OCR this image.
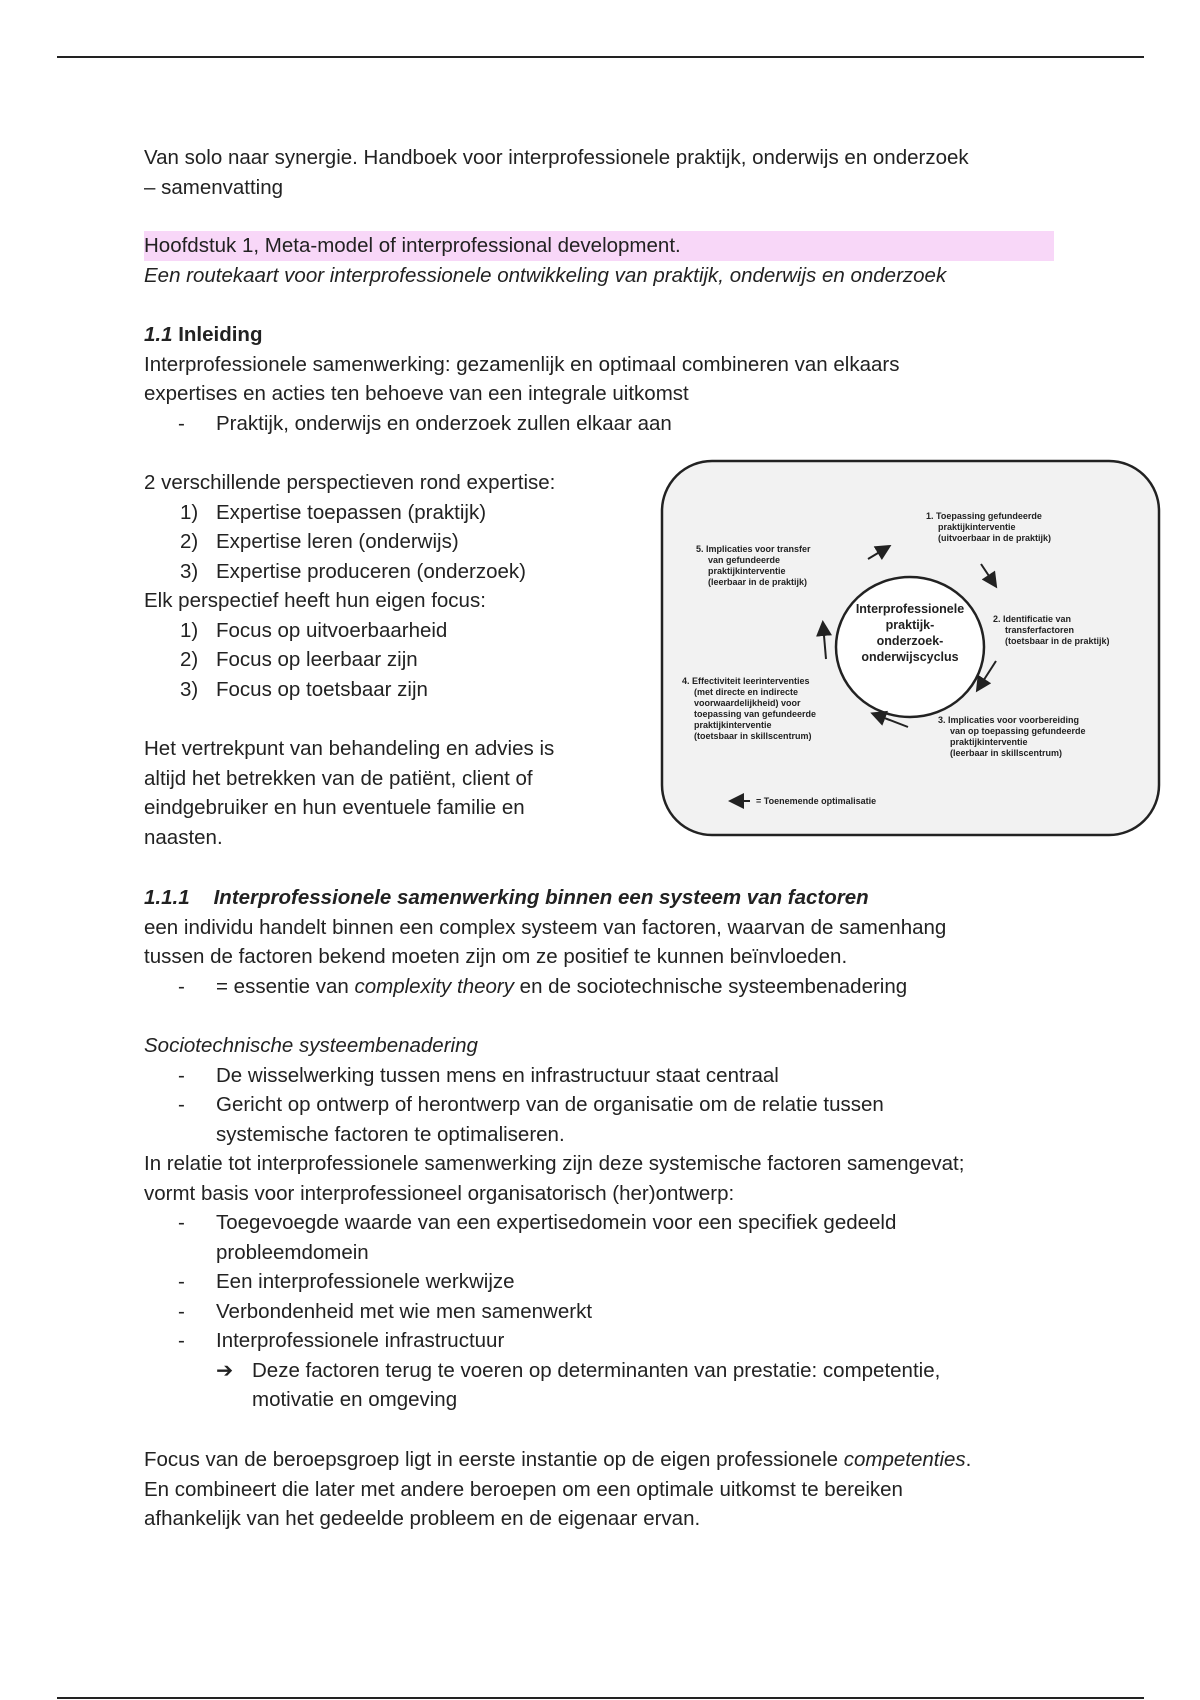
Van solo naar synergie. Handboek voor interprofessionele praktijk, onderwijs en onderzoek
– samenvatting
Hoofdstuk 1, Meta-model of interprofessional development.
Een routekaart voor interprofessionele ontwikkeling van praktijk, onderwijs en onderzoek
1.1 Inleiding
Interprofessionele samenwerking: gezamenlijk en optimaal combineren van elkaars
expertises en acties ten behoeve van een integrale uitkomst
- Praktijk, onderwijs en onderzoek zullen elkaar aan
2 verschillende perspectieven rond expertise:
1) Expertise toepassen (praktijk)
2) Expertise leren (onderwijs)
3) Expertise produceren (onderzoek)
Elk perspectief heeft hun eigen focus:
1) Focus op uitvoerbaarheid
2) Focus op leerbaar zijn
3) Focus op toetsbaar zijn
Het vertrekpunt van behandeling en advies is
altijd het betrekken van de patiënt, client of
eindgebruiker en hun eventuele familie en
naasten.
Interprofessionele
praktijk-
onderzoek-
onderwijscyclus
1. Toepassing gefundeerde
praktijkinterventie
(uitvoerbaar in de praktijk)
2. Identificatie van
transferfactoren
(toetsbaar in de praktijk)
3. Implicaties voor voorbereiding
van op toepassing gefundeerde
praktijkinterventie
(leerbaar in skillscentrum)
4. Effectiviteit leerinterventies
(met directe en indirecte
voorwaardelijkheid) voor
toepassing van gefundeerde
praktijkinterventie
(toetsbaar in skillscentrum)
5. Implicaties voor transfer
van gefundeerde
praktijkinterventie
(leerbaar in de praktijk)
= Toenemende optimalisatie
1.1.1 Interprofessionele samenwerking binnen een systeem van factoren
een individu handelt binnen een complex systeem van factoren, waarvan de samenhang
tussen de factoren bekend moeten zijn om ze positief te kunnen beïnvloeden.
- = essentie van complexity theory en de sociotechnische systeembenadering
Sociotechnische systeembenadering
- De wisselwerking tussen mens en infrastructuur staat centraal
- Gericht op ontwerp of herontwerp van de organisatie om de relatie tussen
systemische factoren te optimaliseren.
In relatie tot interprofessionele samenwerking zijn deze systemische factoren samengevat;
vormt basis voor interprofessioneel organisatorisch (her)ontwerp:
- Toegevoegde waarde van een expertisedomein voor een specifiek gedeeld
probleemdomein
- Een interprofessionele werkwijze
- Verbondenheid met wie men samenwerkt
- Interprofessionele infrastructuur
➔ Deze factoren terug te voeren op determinanten van prestatie: competentie,
motivatie en omgeving
Focus van de beroepsgroep ligt in eerste instantie op de eigen professionele competenties.
En combineert die later met andere beroepen om een optimale uitkomst te bereiken
afhankelijk van het gedeelde probleem en de eigenaar ervan.
